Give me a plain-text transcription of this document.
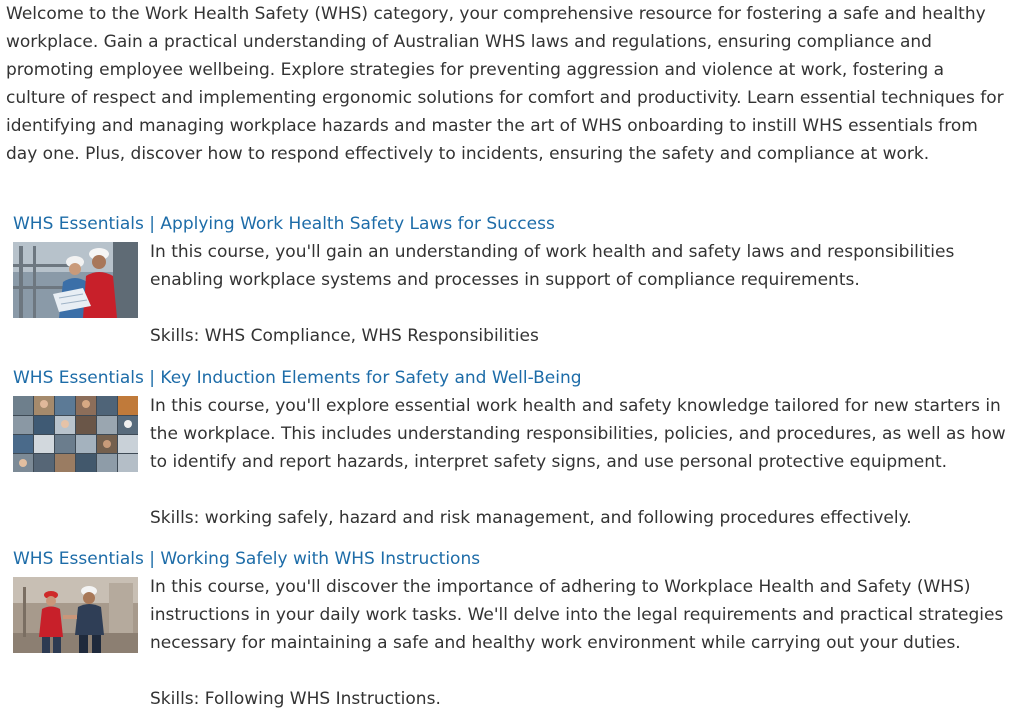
Welcome to the Work Health Safety (WHS) category, your comprehensive resource for fostering a safe and healthy workplace. Gain a practical understanding of Australian WHS laws and regulations, ensuring compliance and promoting employee wellbeing. Explore strategies for preventing aggression and violence at work, fostering a culture of respect and implementing ergonomic solutions for comfort and productivity. Learn essential techniques for identifying and managing workplace hazards and master the art of WHS onboarding to instill WHS essentials from day one. Plus, discover how to respond effectively to incidents, ensuring the safety and compliance at work.

WHS Essentials | Applying Work Health Safety Laws for Success

In this course, you'll gain an understanding of work health and safety laws and responsibilities enabling workplace systems and processes in support of compliance requirements.

Skills: WHS Compliance, WHS Responsibilities
WHS Essentials | Key Induction Elements for Safety and Well-Being

In this course, you'll explore essential work health and safety knowledge tailored for new starters in the workplace. This includes understanding responsibilities, policies, and procedures, as well as how to identify and report hazards, interpret safety signs, and use personal protective equipment.

Skills: working safely, hazard and risk management, and following procedures effectively.
WHS Essentials | Working Safely with WHS Instructions

In this course, you'll discover the importance of adhering to Workplace Health and Safety (WHS) instructions in your daily work tasks. We'll delve into the legal requirements and practical strategies necessary for maintaining a safe and healthy work environment while carrying out your duties.

Skills: Following WHS Instructions.
